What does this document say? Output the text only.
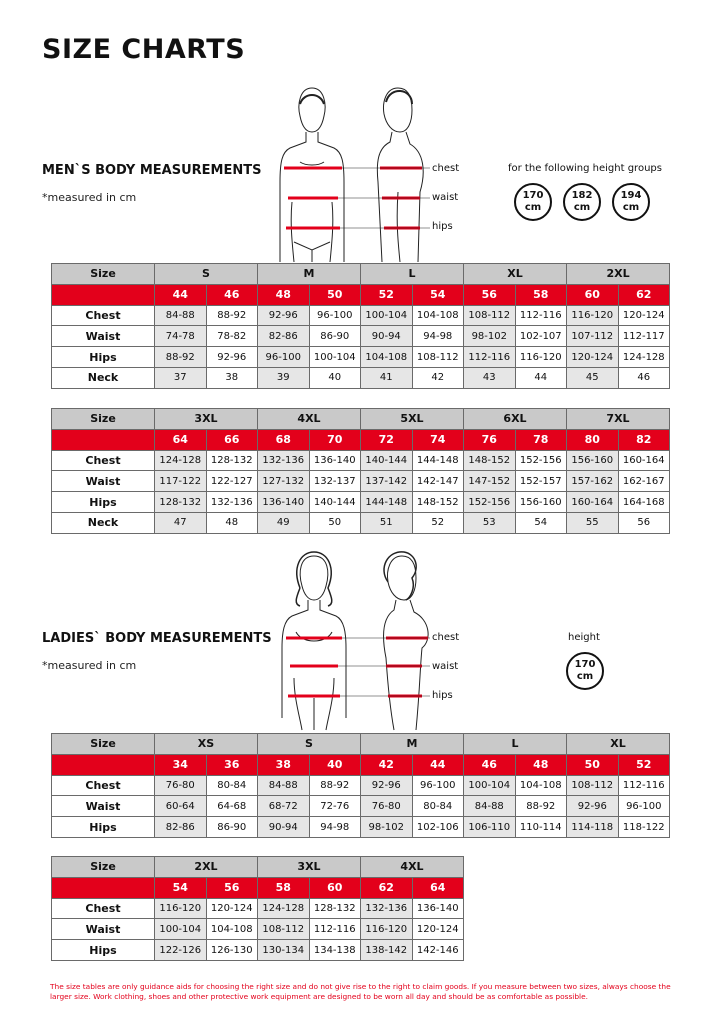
SIZE CHARTS
MEN`S BODY MEASUREMENTS
*measured in cm
chest
waist
hips
for the following height groups
170
cm
182
cm
194
cm
Size	S		M		L		XL		2XL	
	44	46	48	50	52	54	56	58	60	62
Chest	84-88	88-92	92-96	96-100	100-104	104-108	108-112	112-116	116-120	120-124
Waist	74-78	78-82	82-86	86-90	90-94	94-98	98-102	102-107	107-112	112-117
Hips	88-92	92-96	96-100	100-104	104-108	108-112	112-116	116-120	120-124	124-128
Neck	37	38	39	40	41	42	43	44	45	46
Size	3XL		4XL		5XL		6XL		7XL	
	64	66	68	70	72	74	76	78	80	82
Chest	124-128	128-132	132-136	136-140	140-144	144-148	148-152	152-156	156-160	160-164
Waist	117-122	122-127	127-132	132-137	137-142	142-147	147-152	152-157	157-162	162-167
Hips	128-132	132-136	136-140	140-144	144-148	148-152	152-156	156-160	160-164	164-168
Neck	47	48	49	50	51	52	53	54	55	56
LADIES` BODY MEASUREMENTS
*measured in cm
chest
waist
hips
height
170
cm
Size	XS		S		M		L		XL	
	34	36	38	40	42	44	46	48	50	52
Chest	76-80	80-84	84-88	88-92	92-96	96-100	100-104	104-108	108-112	112-116
Waist	60-64	64-68	68-72	72-76	76-80	80-84	84-88	88-92	92-96	96-100
Hips	82-86	86-90	90-94	94-98	98-102	102-106	106-110	110-114	114-118	118-122
Size	2XL		3XL		4XL	
	54	56	58	60	62	64
Chest	116-120	120-124	124-128	128-132	132-136	136-140
Waist	100-104	104-108	108-112	112-116	116-120	120-124
Hips	122-126	126-130	130-134	134-138	138-142	142-146
The size tables are only guidance aids for choosing the right size and do not give rise to the right to claim goods. If you measure between two sizes, always choose the larger size. Work clothing, shoes and other protective work equipment are designed to be worn all day and should be as comfortable as possible.
